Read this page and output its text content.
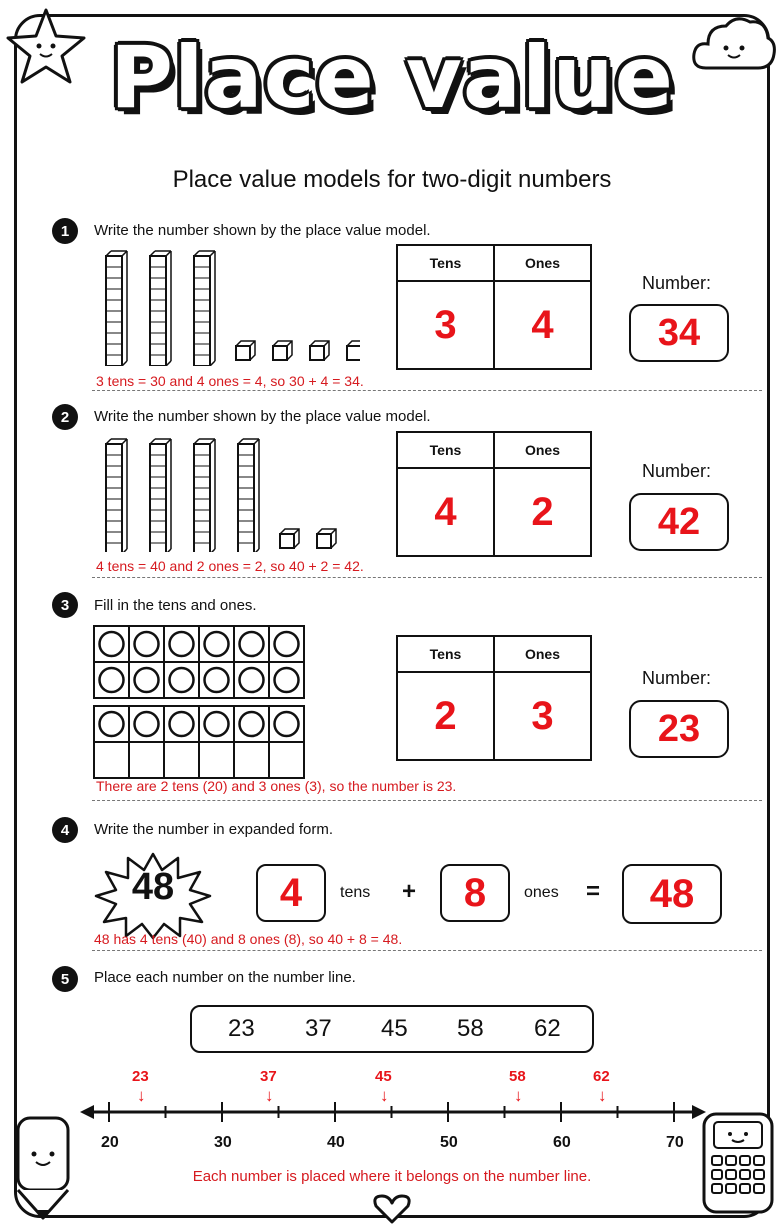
Place value
Place value models for two-digit numbers
1	Write the number shown by the place value model.
Tens	Ones
3	4
Number:
34
3 tens = 30 and 4 ones = 4, so 30 + 4 = 34.
2	Write the number shown by the place value model.
Tens	Ones
4	2
Number:
42
4 tens = 40 and 2 ones = 2, so 40 + 2 = 42.
3	Fill in the tens and ones.
Tens	Ones
2	3
Number:
23
There are 2 tens (20) and 3 ones (3), so the number is 23.
4	Write the number in expanded form.
48	4	tens +	8	ones =	48
48 has 4 tens (40) and 8 ones (8), so 40 + 8 = 48.
5	Place each number on the number line.
23 37 45 58 62
23
↓
37
↓
45
↓
58
↓
62
↓
20	30	40	50	60	70
Each number is placed where it belongs on the number line.
